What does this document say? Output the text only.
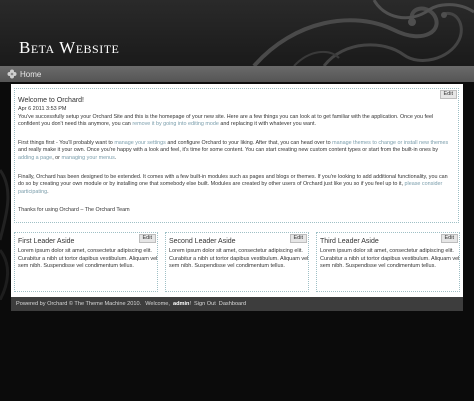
Beta Website
Home
Edit
Welcome to Orchard!
Apr 6 2011 3:53 PM
You've successfully setup your Orchard Site and this is the homepage of your new site. Here are a few things you can look at to get familiar with the application. Once you feel confident you don't need this anymore, you can remove it by going into editing mode and replacing it with whatever you want.
First things first - You'll probably want to manage your settings and configure Orchard to your liking. After that, you can head over to manage themes to change or install new themes and really make it your own. Once you're happy with a look and feel, it's time for some content. You can start creating new custom content types or start from the built-in ones by adding a page, or managing your menus.
Finally, Orchard has been designed to be extended. It comes with a few built-in modules such as pages and blogs or themes. If you're looking to add additional functionality, you can do so by creating your own module or by installing one that somebody else built. Modules are created by other users of Orchard just like you so if you feel up to it, please consider participating.
Thanks for using Orchard – The Orchard Team
Edit
First Leader Aside
Lorem ipsum dolor sit amet, consectetur adipiscing elit. Curabitur a nibh ut tortor dapibus vestibulum. Aliquam vel sem nibh. Suspendisse vel condimentum tellus.
Edit
Second Leader Aside
Lorem ipsum dolor sit amet, consectetur adipiscing elit. Curabitur a nibh ut tortor dapibus vestibulum. Aliquam vel sem nibh. Suspendisse vel condimentum tellus.
Edit
Third Leader Aside
Lorem ipsum dolor sit amet, consectetur adipiscing elit. Curabitur a nibh ut tortor dapibus vestibulum. Aliquam vel sem nibh. Suspendisse vel condimentum tellus.
Powered by Orchard © The Theme Machine 2010. Welcome, admin ! Sign Out Dashboard
